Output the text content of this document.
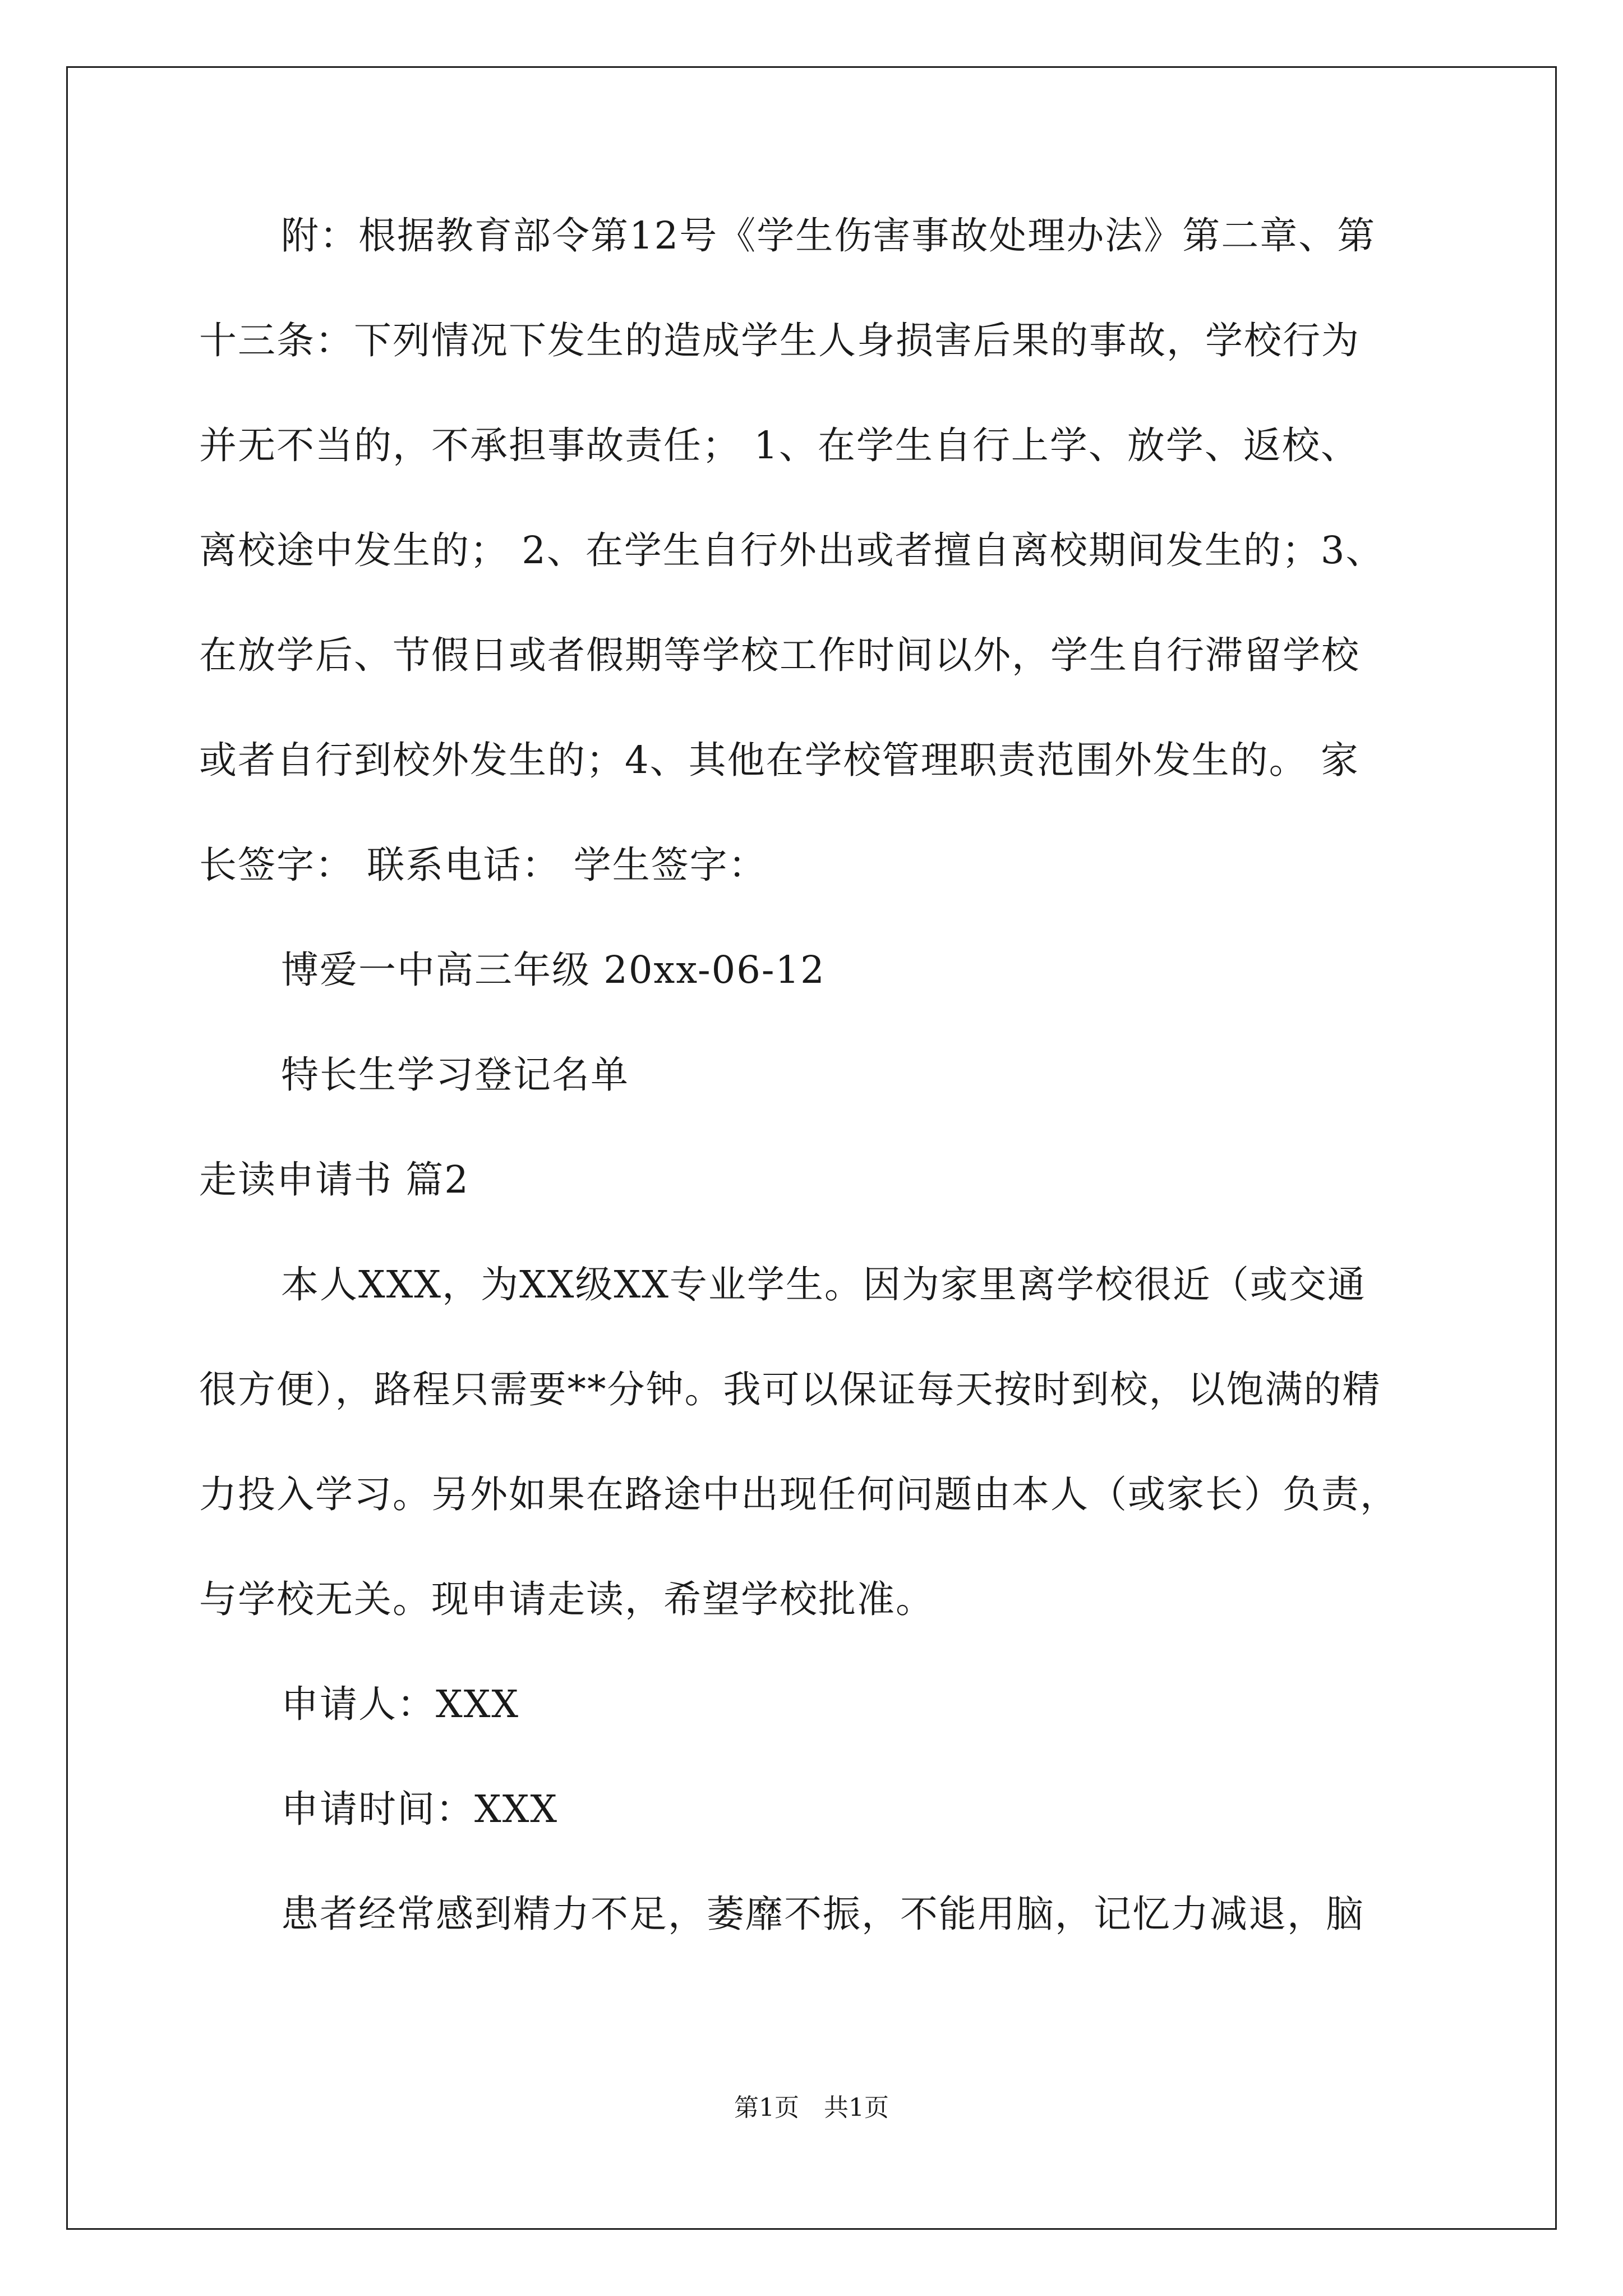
附：根据教育部令第12号《学生伤害事故处理办法》第二章、第
十三条：下列情况下发生的造成学生人身损害后果的事故，学校行为
并无不当的，不承担事故责任； 1、在学生自行上学、放学、返校、
离校途中发生的； 2、在学生自行外出或者擅自离校期间发生的；3、
在放学后、节假日或者假期等学校工作时间以外，学生自行滞留学校
或者自行到校外发生的；4、其他在学校管理职责范围外发生的。 家
长签字： 联系电话： 学生签字：
博爱一中高三年级 20xx-06-12
特长生学习登记名单
走读申请书 篇2
本人XXX，为XX级XX专业学生。因为家里离学校很近（或交通
很方便），路程只需要**分钟。我可以保证每天按时到校，以饱满的精
力投入学习。另外如果在路途中出现任何问题由本人（或家长）负责，
与学校无关。现申请走读，希望学校批准。
申请人：XXX
申请时间：XXX
患者经常感到精力不足，萎靡不振，不能用脑，记忆力减退，脑
第1页　共1页
